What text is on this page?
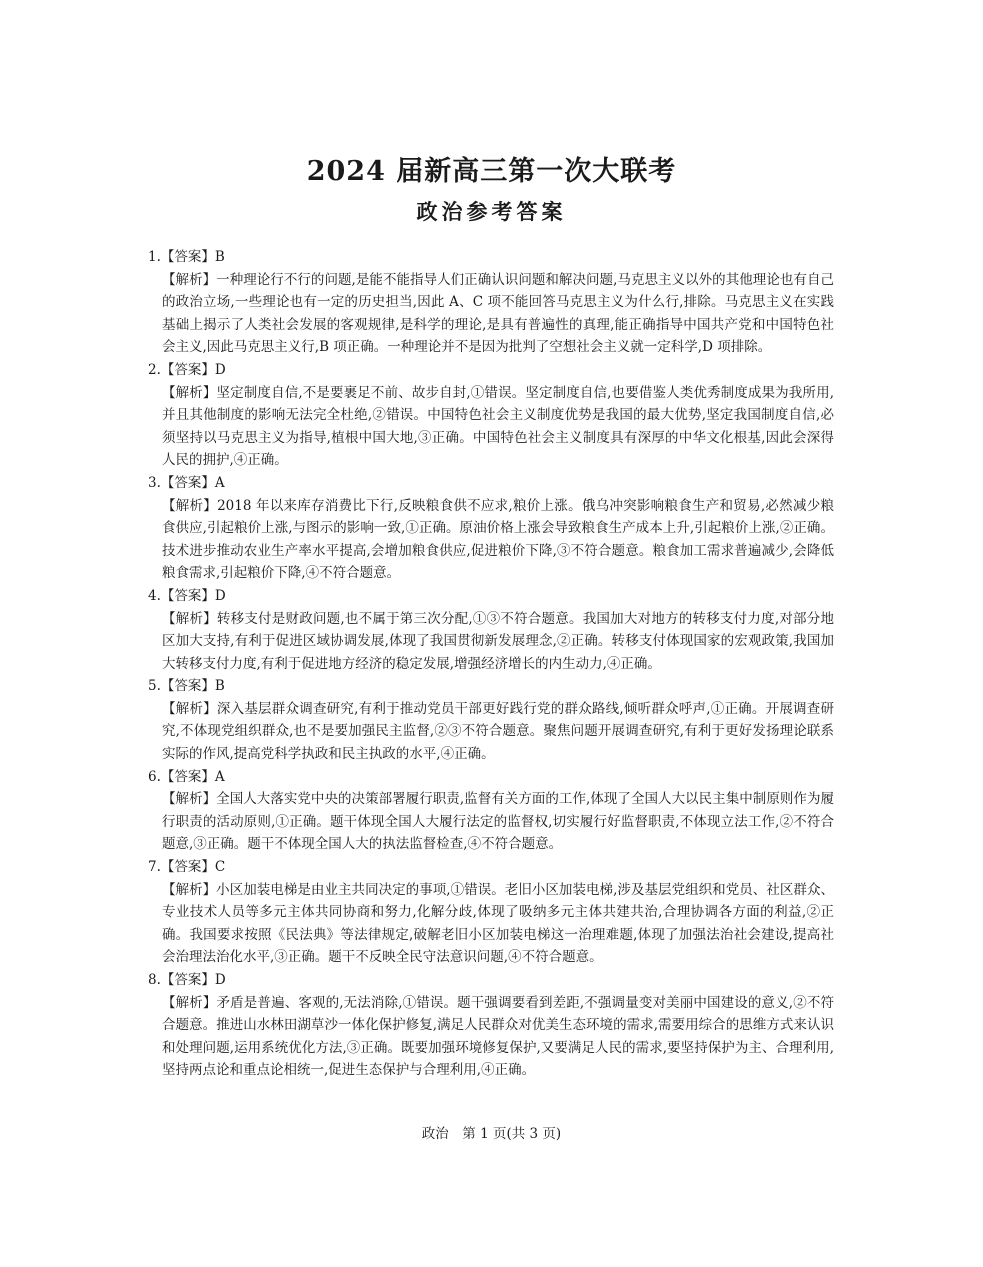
2024 届新高三第一次大联考
政治参考答案
1.【答案】B
【解析】一种理论行不行的问题,是能不能指导人们正确认识问题和解决问题,马克思主义以外的其他理论也有自己的政治立场,一些理论也有一定的历史担当,因此 A、C 项不能回答马克思主义为什么行,排除。马克思主义在实践基础上揭示了人类社会发展的客观规律,是科学的理论,是具有普遍性的真理,能正确指导中国共产党和中国特色社会主义,因此马克思主义行,B 项正确。一种理论并不是因为批判了空想社会主义就一定科学,D 项排除。
2.【答案】D
【解析】坚定制度自信,不是要裹足不前、故步自封,①错误。坚定制度自信,也要借鉴人类优秀制度成果为我所用,并且其他制度的影响无法完全杜绝,②错误。中国特色社会主义制度优势是我国的最大优势,坚定我国制度自信,必须坚持以马克思主义为指导,植根中国大地,③正确。中国特色社会主义制度具有深厚的中华文化根基,因此会深得人民的拥护,④正确。
3.【答案】A
【解析】2018 年以来库存消费比下行,反映粮食供不应求,粮价上涨。俄乌冲突影响粮食生产和贸易,必然减少粮食供应,引起粮价上涨,与图示的影响一致,①正确。原油价格上涨会导致粮食生产成本上升,引起粮价上涨,②正确。技术进步推动农业生产率水平提高,会增加粮食供应,促进粮价下降,③不符合题意。粮食加工需求普遍减少,会降低粮食需求,引起粮价下降,④不符合题意。
4.【答案】D
【解析】转移支付是财政问题,也不属于第三次分配,①③不符合题意。我国加大对地方的转移支付力度,对部分地区加大支持,有利于促进区域协调发展,体现了我国贯彻新发展理念,②正确。转移支付体现国家的宏观政策,我国加大转移支付力度,有利于促进地方经济的稳定发展,增强经济增长的内生动力,④正确。
5.【答案】B
【解析】深入基层群众调查研究,有利于推动党员干部更好践行党的群众路线,倾听群众呼声,①正确。开展调查研究,不体现党组织群众,也不是要加强民主监督,②③不符合题意。聚焦问题开展调查研究,有利于更好发扬理论联系实际的作风,提高党科学执政和民主执政的水平,④正确。
6.【答案】A
【解析】全国人大落实党中央的决策部署履行职责,监督有关方面的工作,体现了全国人大以民主集中制原则作为履行职责的活动原则,①正确。题干体现全国人大履行法定的监督权,切实履行好监督职责,不体现立法工作,②不符合题意,③正确。题干不体现全国人大的执法监督检查,④不符合题意。
7.【答案】C
【解析】小区加装电梯是由业主共同决定的事项,①错误。老旧小区加装电梯,涉及基层党组织和党员、社区群众、专业技术人员等多元主体共同协商和努力,化解分歧,体现了吸纳多元主体共建共治,合理协调各方面的利益,②正确。我国要求按照《民法典》等法律规定,破解老旧小区加装电梯这一治理难题,体现了加强法治社会建设,提高社会治理法治化水平,③正确。题干不反映全民守法意识问题,④不符合题意。
8.【答案】D
【解析】矛盾是普遍、客观的,无法消除,①错误。题干强调要看到差距,不强调量变对美丽中国建设的意义,②不符合题意。推进山水林田湖草沙一体化保护修复,满足人民群众对优美生态环境的需求,需要用综合的思维方式来认识和处理问题,运用系统优化方法,③正确。既要加强环境修复保护,又要满足人民的需求,要坚持保护为主、合理利用,坚持两点论和重点论相统一,促进生态保护与合理利用,④正确。
政治　第 1 页(共 3 页)
